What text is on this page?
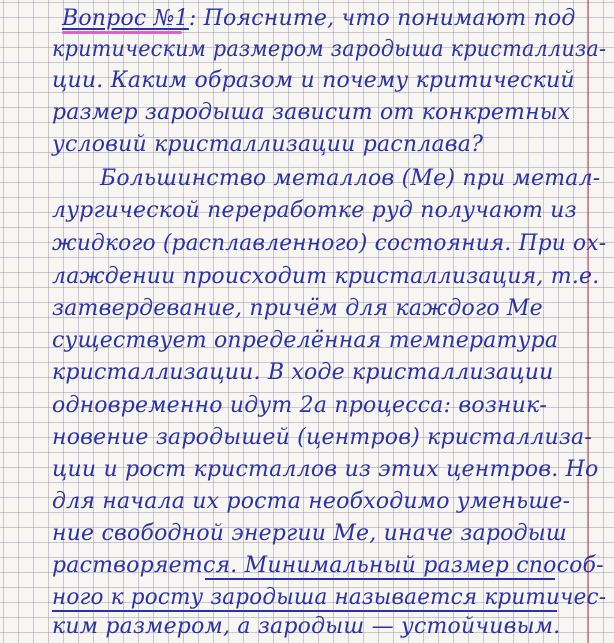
Вопрос №1: Поясните, что понимают под
критическим размером зародыша кристаллиза-
ции. Каким образом и почему критический
размер зародыша зависит от конкретных
условий кристаллизации расплава?
Большинство металлов (Ме) при метал-
лургической переработке руд получают из
жидкого (расплавленного) состояния. При ох-
лаждении происходит кристаллизация, т.е.
затвердевание, причём для каждого Ме
существует определённая температура
кристаллизации. В ходе кристаллизации
одновременно идут 2а процесса: возник-
новение зародышей (центров) кристаллиза-
ции и рост кристаллов из этих центров. Но
для начала их роста необходимо уменьше-
ние свободной энергии Ме, иначе зародыш
растворяется. Минимальный размер способ-
ного к росту зародыша называется критичес-
ким размером, а зародыш — устойчивым.
